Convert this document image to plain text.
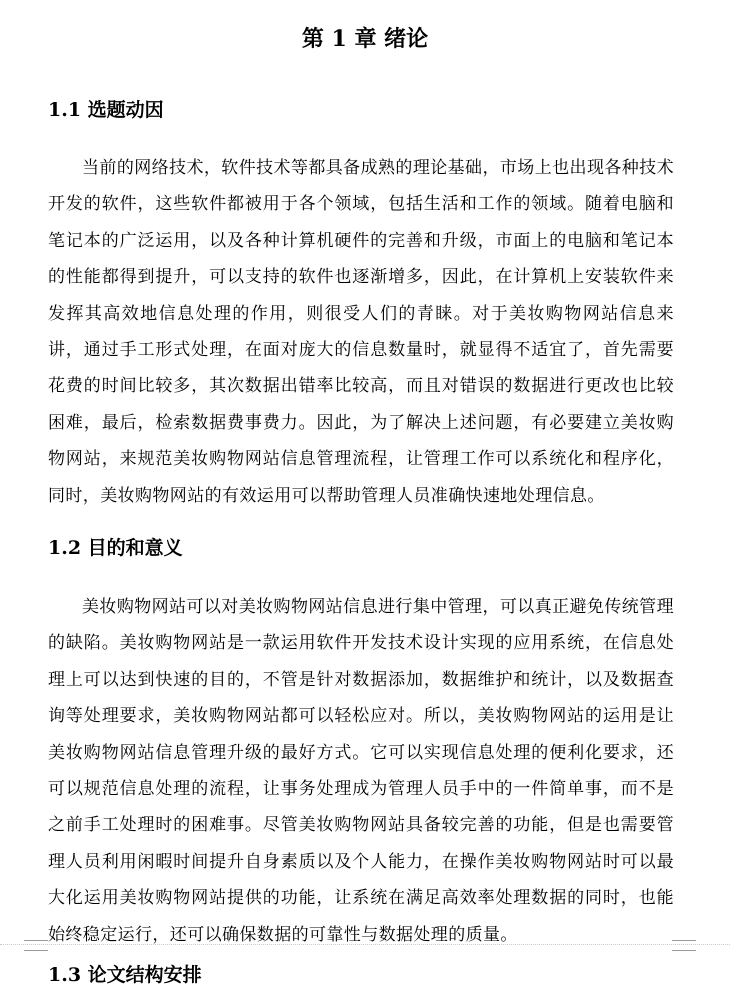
第 1 章 绪论
1.1 选题动因

当前的网络技术，软件技术等都具备成熟的理论基础，市场上也出现各种技术开发的软件，这些软件都被用于各个领域，包括生活和工作的领域。随着电脑和笔记本的广泛运用，以及各种计算机硬件的完善和升级，市面上的电脑和笔记本的性能都得到提升，可以支持的软件也逐渐增多，因此，在计算机上安装软件来发挥其高效地信息处理的作用，则很受人们的青睐。对于美妆购物网站信息来讲，通过手工形式处理，在面对庞大的信息数量时，就显得不适宜了，首先需要花费的时间比较多，其次数据出错率比较高，而且对错误的数据进行更改也比较困难，最后，检索数据费事费力。因此，为了解决上述问题，有必要建立美妆购物网站，来规范美妆购物网站信息管理流程，让管理工作可以系统化和程序化，同时，美妆购物网站的有效运用可以帮助管理人员准确快速地处理信息。

1.2 目的和意义

美妆购物网站可以对美妆购物网站信息进行集中管理，可以真正避免传统管理的缺陷。美妆购物网站是一款运用软件开发技术设计实现的应用系统，在信息处理上可以达到快速的目的，不管是针对数据添加，数据维护和统计，以及数据查询等处理要求，美妆购物网站都可以轻松应对。所以，美妆购物网站的运用是让美妆购物网站信息管理升级的最好方式。它可以实现信息处理的便利化要求，还可以规范信息处理的流程，让事务处理成为管理人员手中的一件简单事，而不是之前手工处理时的困难事。尽管美妆购物网站具备较完善的功能，但是也需要管理人员利用闲暇时间提升自身素质以及个人能力，在操作美妆购物网站时可以最大化运用美妆购物网站提供的功能，让系统在满足高效率处理数据的同时，也能始终稳定运行，还可以确保数据的可靠性与数据处理的质量。

1.3 论文结构安排
